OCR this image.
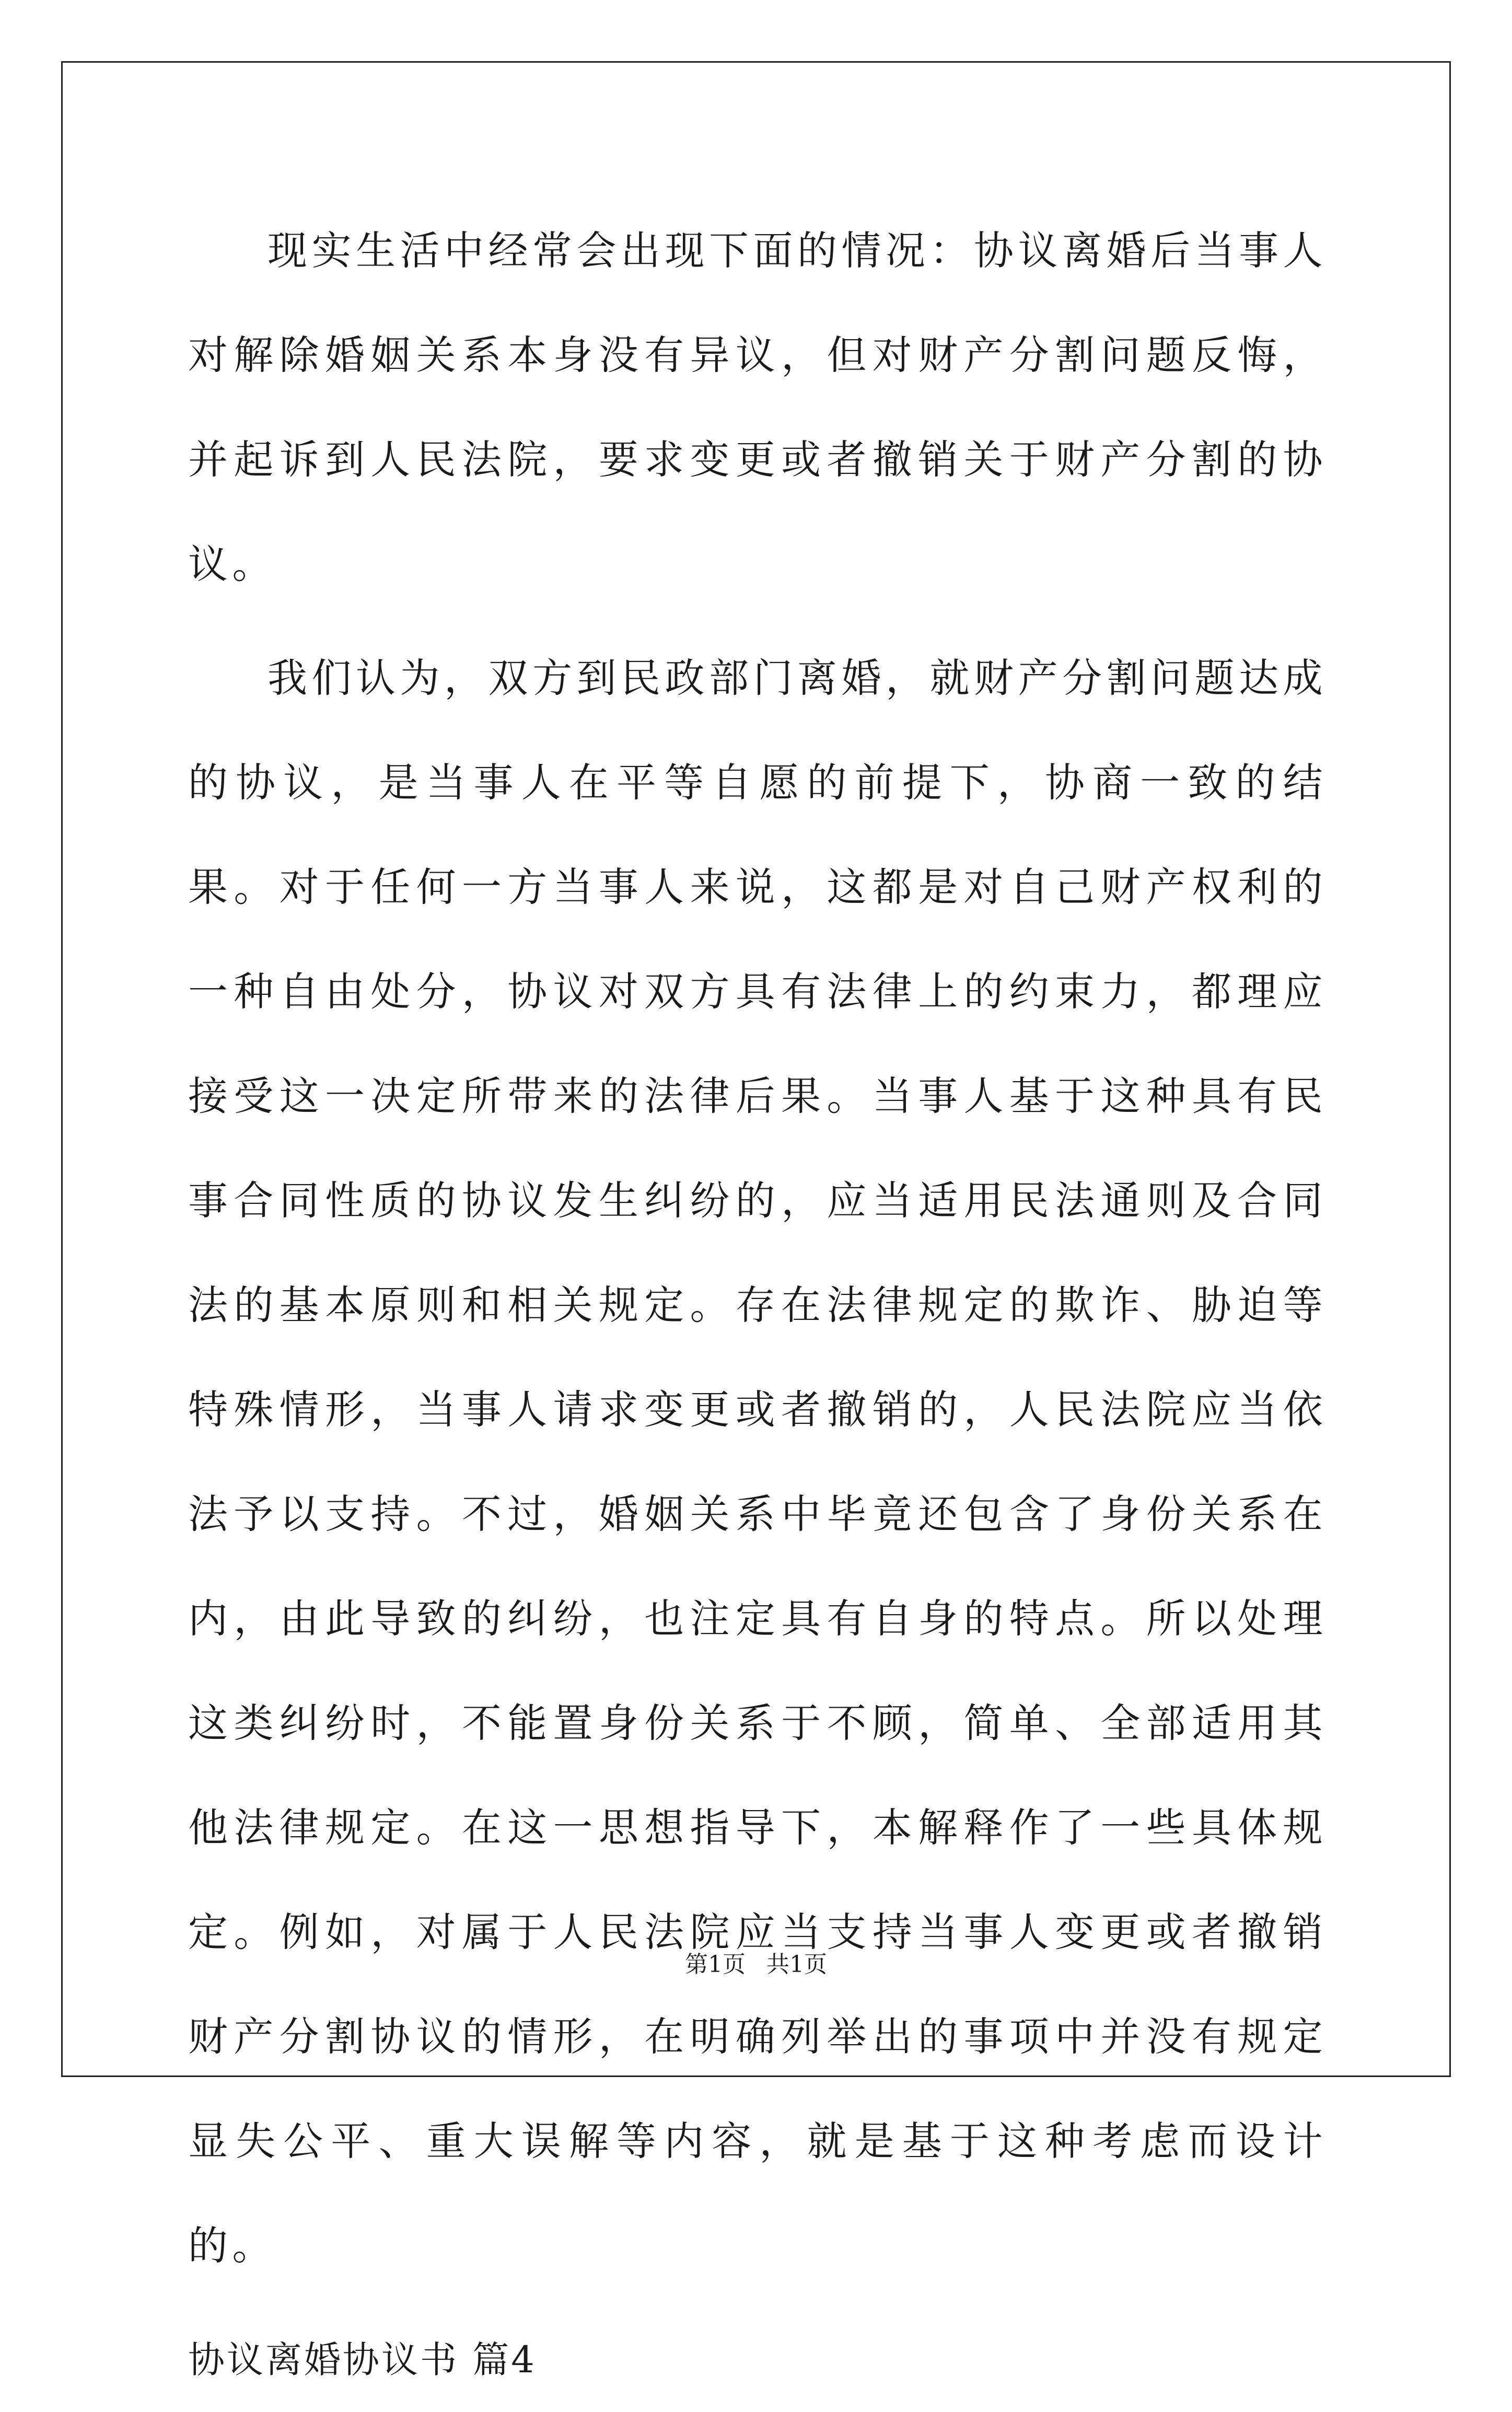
现实生活中经常会出现下面的情况：协议离婚后当事人对解除婚姻关系本身没有异议，但对财产分割问题反悔，并起诉到人民法院，要求变更或者撤销关于财产分割的协议。

我们认为，双方到民政部门离婚，就财产分割问题达成的协议，是当事人在平等自愿的前提下，协商一致的结果。对于任何一方当事人来说，这都是对自己财产权利的一种自由处分，协议对双方具有法律上的约束力，都理应接受这一决定所带来的法律后果。当事人基于这种具有民事合同性质的协议发生纠纷的，应当适用民法通则及合同法的基本原则和相关规定。存在法律规定的欺诈、胁迫等特殊情形，当事人请求变更或者撤销的，人民法院应当依法予以支持。不过，婚姻关系中毕竟还包含了身份关系在内，由此导致的纠纷，也注定具有自身的特点。所以处理这类纠纷时，不能置身份关系于不顾，简单、全部适用其他法律规定。在这一思想指导下，本解释作了一些具体规定。例如，对属于人民法院应当支持当事人变更或者撤销财产分割协议的情形，在明确列举出的事项中并没有规定显失公平、重大误解等内容，就是基于这种考虑而设计的。

协议离婚协议书 篇4
第1页 共1页
